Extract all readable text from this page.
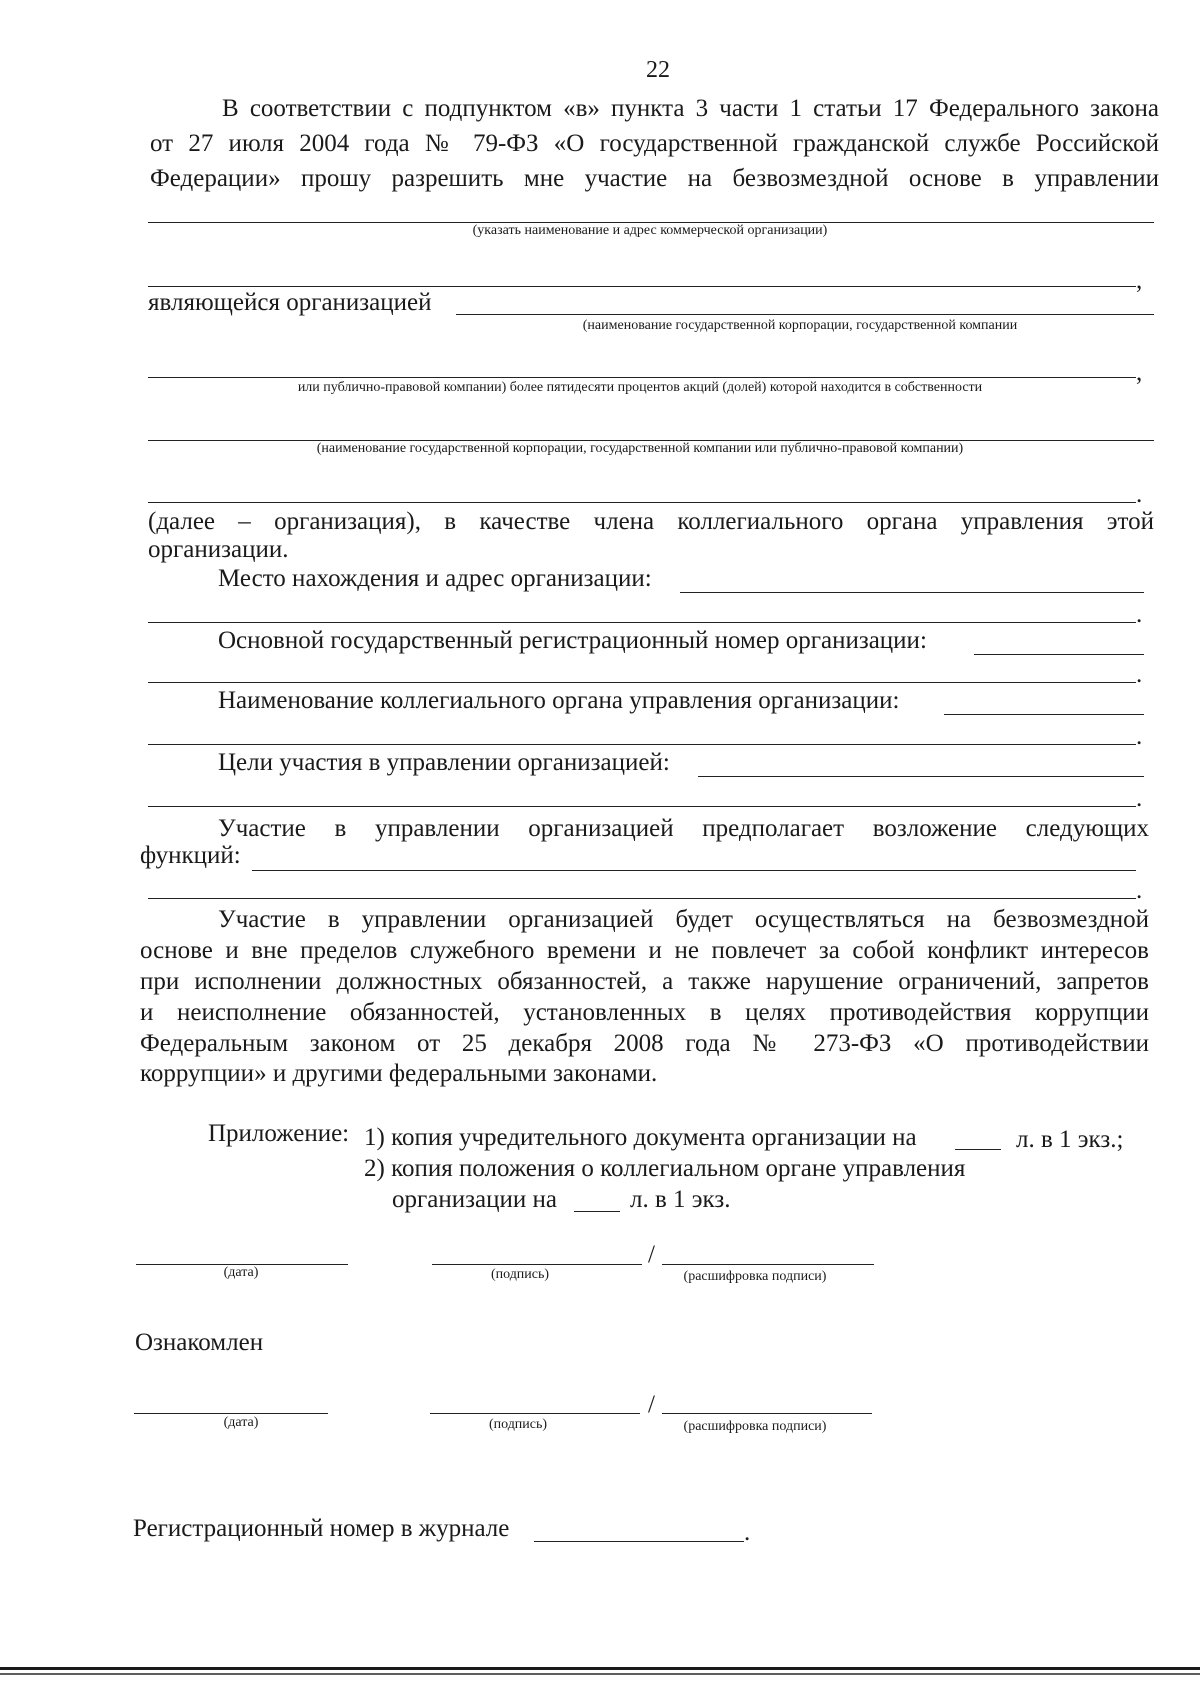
22
В соответствии с подпунктом «в» пункта 3 части 1 статьи 17 Федерального закона
от 27 июля 2004 года № 79-ФЗ «О государственной гражданской службе Российской
Федерации» прошу разрешить мне участие на безвозмездной основе в управлении
(указать наименование и адрес коммерческой организации)
,
являющейся организацией
(наименование государственной корпорации, государственной компании
,
или публично-правовой компании) более пятидесяти процентов акций (долей) которой находится в собственности
(наименование государственной корпорации, государственной компании или публично-правовой компании)
.
(далее – организация), в качестве члена коллегиального органа управления этой
организации.
Место нахождения и адрес организации:
.
Основной государственный регистрационный номер организации:
.
Наименование коллегиального органа управления организации:
.
Цели участия в управлении организацией:
.
Участие в управлении организацией предполагает возложение следующих
функций:
.
Участие в управлении организацией будет осуществляться на безвозмездной
основе и вне пределов служебного времени и не повлечет за собой конфликт интересов
при исполнении должностных обязанностей, а также нарушение ограничений, запретов
и неисполнение обязанностей, установленных в целях противодействия коррупции
Федеральным законом от 25 декабря 2008 года № 273-ФЗ «О противодействии
коррупции» и другими федеральными законами.
Приложение: 1) копия учредительного документа организации на	л. в 1 экз.;
2) копия положения о коллегиальном органе управления
организации на	л. в 1 экз.
(дата)
/
(подпись)	(расшифровка подписи)
Ознакомлен
(дата)
/
(подпись)	(расшифровка подписи)
Регистрационный номер в журнале	.
